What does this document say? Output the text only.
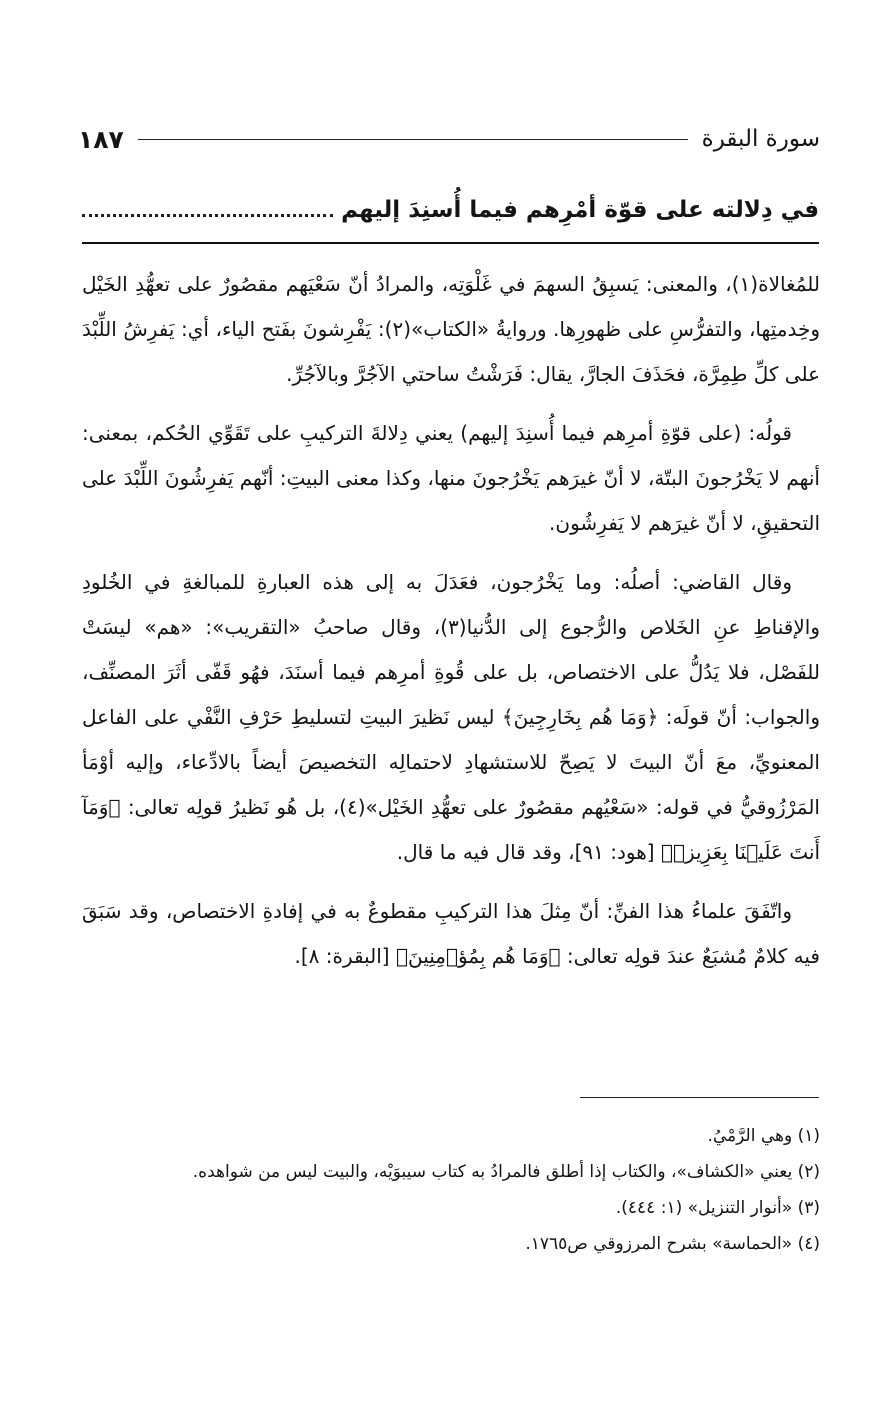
سورة البقرة
١٨٧
في دِلالته على قوّة أمْرِهم فيما أُسنِدَ إليهم

للمُغالاة(١)، والمعنى: يَسبِقُ السهمَ في غَلْوَتِه، والمرادُ أنّ سَعْيَهم مقصُورٌ على تعهُّدِ الخَيْل وخِدمتِها، والتفرُّسِ على ظهورِها. وروايةُ «الكتاب»(٢): يَفْرِشونَ بفَتح الياء، أي: يَفرِشُ اللِّبْدَ على كلِّ طِمِرَّة، فحَذَفَ الجارَّ، يقال: فَرَشْتُ ساحتي الآجُرَّ وبالآجُرِّ.

قولُه: (على قوّةِ أمرِهم فيما أُسنِدَ إليهم) يعني دِلالةَ التركيبِ على تَقَوِّي الحُكم، بمعنى: أنهم لا يَخْرُجونَ البتّة، لا أنّ غيرَهم يَخْرُجونَ منها، وكذا معنى البيتِ: أنّهم يَفرِشُونَ اللِّبْدَ على التحقيقِ، لا أنّ غيرَهم لا يَفرِشُون.

وقال القاضي: أصلُه: وما يَخْرُجون، فعَدَلَ به إلى هذه العبارةِ للمبالغةِ في الخُلودِ والإقناطِ عنِ الخَلاص والرُّجوع إلى الدُّنيا(٣)، وقال صاحبُ «التقريب»: «هم» ليسَتْ للفَصْل، فلا يَدُلُّ على الاختصاص، بل على قُوةِ أمرِهم فيما أسنَدَ، فهُو قَفّى أثَرَ المصنِّف، والجواب: أنّ قولَه: ﴿وَمَا هُم بِخَارِجِينَ﴾ ليس نَظيرَ البيتِ لتسليطِ حَرْفِ النَّفْي على الفاعل المعنويِّ، معَ أنّ البيتَ لا يَصِحّ للاستشهادِ لاحتمالِه التخصيصَ أيضاً بالادِّعاء، وإليه أوْمَأ المَرْزُوقيُّ في قوله: «سَعْيُهم مقصُورٌ على تعهُّدِ الخَيْل»(٤)، بل هُو نَظيرُ قولِه تعالى: ﴿وَمَآ أَنتَ عَلَيۡنَا بِعَزِيزٖ﴾ [هود: ٩١]، وقد قال فيه ما قال.

واتّفَقَ علماءُ هذا الفنِّ: أنّ مِثلَ هذا التركيبِ مقطوعٌ به في إفادةِ الاختصاص، وقد سَبَقَ فيه كلامٌ مُشبَعٌ عندَ قولِه تعالى: ﴿وَمَا هُم بِمُؤۡمِنِينَ﴾ [البقرة: ٨].

(١) وهي الرَّمْيُ.

(٢) يعني «الكشاف»، والكتاب إذا أطلق فالمرادُ به كتاب سيبوَيْه، والبيت ليس من شواهده.

(٣) «أنوار التنزيل» (١: ٤٤٤).

(٤) «الحماسة» بشرح المرزوقي ص١٧٦٥.
